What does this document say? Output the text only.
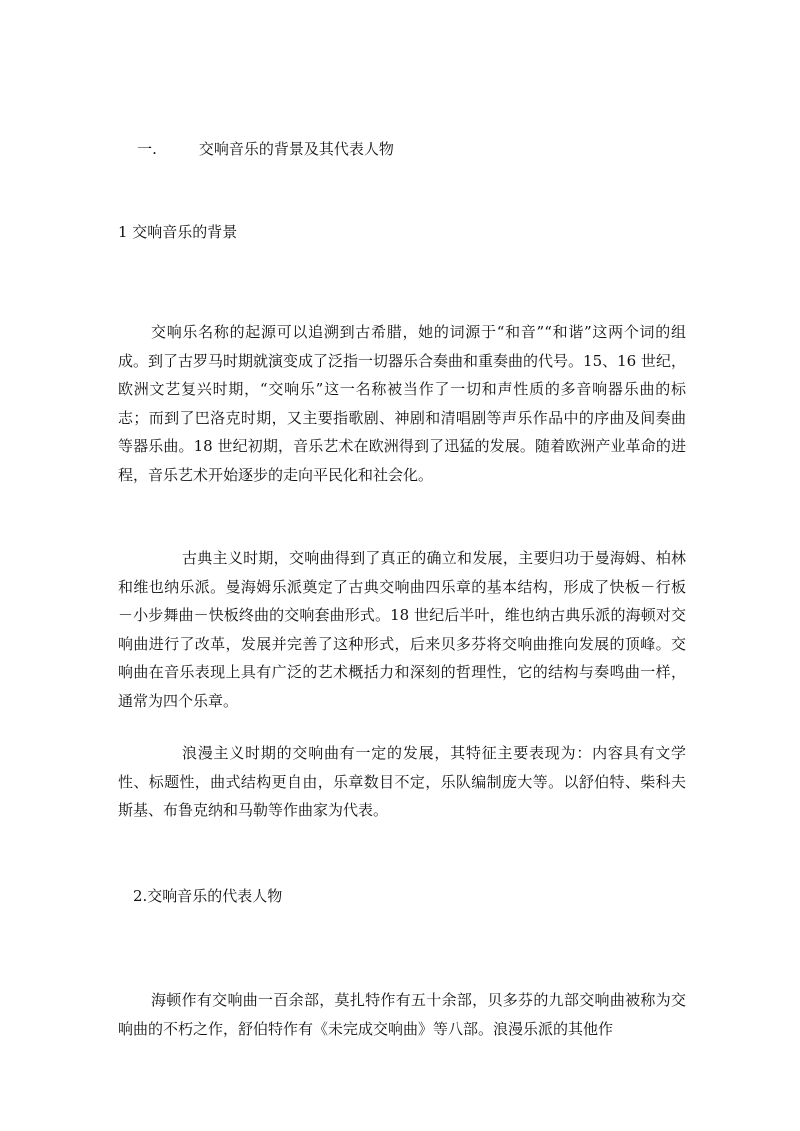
一.	交响音乐的背景及其代表人物

1 交响音乐的背景

交响乐名称的起源可以追溯到古希腊，她的词源于“和音”“和谐”这两个词的组成。到了古罗马时期就演变成了泛指一切器乐合奏曲和重奏曲的代号。15、16 世纪，欧洲文艺复兴时期，“交响乐”这一名称被当作了一切和声性质的多音响器乐曲的标志；而到了巴洛克时期，又主要指歌剧、神剧和清唱剧等声乐作品中的序曲及间奏曲等器乐曲。18 世纪初期，音乐艺术在欧洲得到了迅猛的发展。随着欧洲产业革命的进程，音乐艺术开始逐步的走向平民化和社会化。

古典主义时期，交响曲得到了真正的确立和发展，主要归功于曼海姆、柏林和维也纳乐派。曼海姆乐派奠定了古典交响曲四乐章的基本结构，形成了快板－行板－小步舞曲－快板终曲的交响套曲形式。18 世纪后半叶，维也纳古典乐派的海顿对交响曲进行了改革，发展并完善了这种形式，后来贝多芬将交响曲推向发展的顶峰。交响曲在音乐表现上具有广泛的艺术概括力和深刻的哲理性，它的结构与奏鸣曲一样，通常为四个乐章。

浪漫主义时期的交响曲有一定的发展，其特征主要表现为：内容具有文学性、标题性，曲式结构更自由，乐章数目不定，乐队编制庞大等。以舒伯特、柴科夫斯基、布鲁克纳和马勒等作曲家为代表。

2.交响音乐的代表人物

海顿作有交响曲一百余部，莫扎特作有五十余部，贝多芬的九部交响曲被称为交响曲的不朽之作，舒伯特作有《未完成交响曲》等八部。浪漫乐派的其他作
